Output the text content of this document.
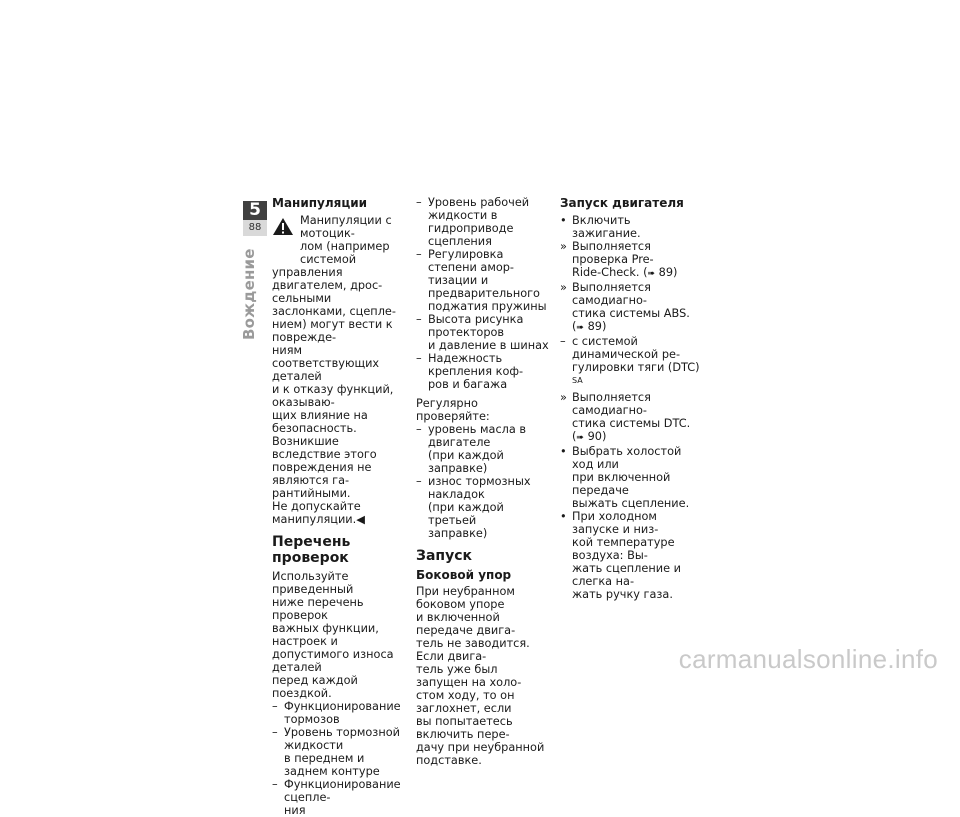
5
88
Вождение
Манипуляции

Манипуляции с мотоцик-

лом (например системой

управления двигателем, дрос-

сельными заслонками, сцепле-

нием) могут вести к поврежде-

ниям соответствующих деталей

и к отказу функций, оказываю-

щих влияние на безопасность.

Возникшие вследствие этого

повреждения не являются га-

рантийными.

Не допускайте манипуляции.◀

Перечень проверок

Используйте приведенный

ниже перечень проверок

важных функции, настроек и

допустимого износа деталей

перед каждой поездкой.

– Функционирование тормозов

– Уровень тормозной жидкости

в переднем и заднем контуре

– Функционирование сцепле-

ния

– Уровень рабочей жидкости в

гидроприводе сцепления

– Регулировка степени амор-

тизации и предварительного

поджатия пружины

– Высота рисунка протекторов

и давление в шинах

– Надежность крепления коф-

ров и багажа

Регулярно проверяйте:

– уровень масла в двигателе

(при каждой заправке)

– износ тормозных накладок

(при каждой третьей

заправке)

Запуск
Боковой упор

При неубранном боковом упоре

и включенной передаче двига-

тель не заводится. Если двига-

тель уже был запущен на холо-

стом ходу, то он заглохнет, если

вы попытаетесь включить пере-

дачу при неубранной подставке.

Запуск двигателя
• Включить зажигание.

» Выполняется проверка Pre-

Ride-Check. (➠ 89)

» Выполняется самодиагно-

стика системы ABS. (➠ 89)

– с системой динамической ре-

гулировки тяги (DTC) $^{SA}$

» Выполняется самодиагно-

стика системы DTC. (➠ 90)

• Выбрать холостой ход или

при включенной передаче

выжать сцепление.

• При холодном запуске и низ-

кой температуре воздуха: Вы-

жать сцепление и слегка на-

жать ручку газа.

carmanualsonline.info
